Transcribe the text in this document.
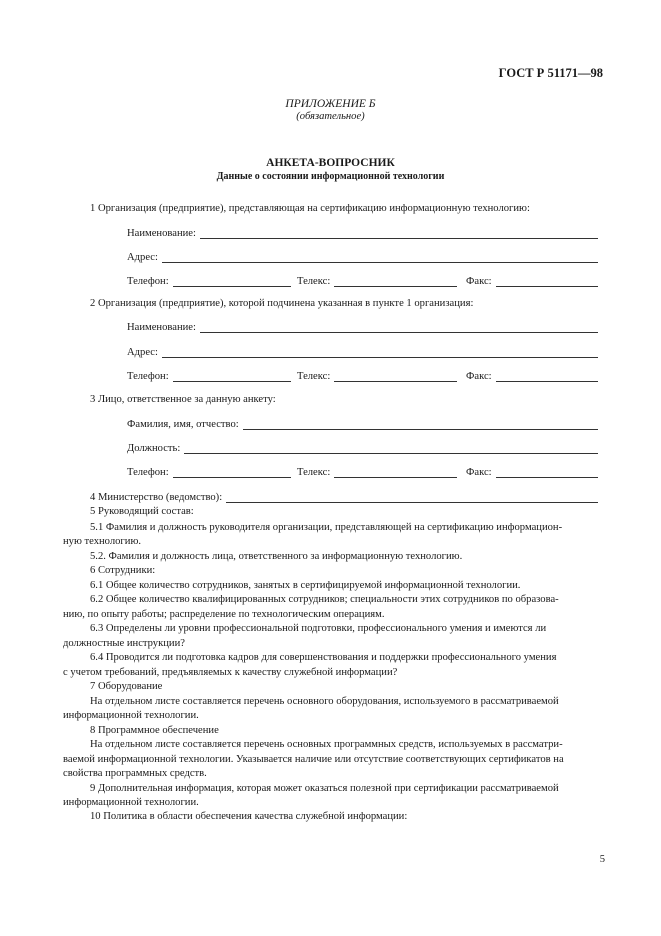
ГОСТ Р 51171—98
ПРИЛОЖЕНИЕ Б
(обязательное)
АНКЕТА-ВОПРОСНИК
Данные о состоянии информационной технологии
1 Организация (предприятие), представляющая на сертификацию информационную технологию:
Наименование:
Адрес:
Телефон:	Телекс:	Факс:
2 Организация (предприятие), которой подчинена указанная в пункте 1 организация:
Наименование:
Адрес:
Телефон:	Телекс:	Факс:
3 Лицо, ответственное за данную анкету:
Фамилия, имя, отчество:
Должность:
Телефон:	Телекс:	Факс:
4 Министерство (ведомство):
5 Руководящий состав:
5.1 Фамилия и должность руководителя организации, представляющей на сертификацию информацион-
ную технологию.
5.2. Фамилия и должность лица, ответственного за информационную технологию.
6 Сотрудники:
6.1 Общее количество сотрудников, занятых в сертифицируемой информационной технологии.
6.2 Общее количество квалифицированных сотрудников; специальности этих сотрудников по образова-
нию, по опыту работы; распределение по технологическим операциям.
6.3 Определены ли уровни профессиональной подготовки, профессионального умения и имеются ли
должностные инструкции?
6.4 Проводится ли подготовка кадров для совершенствования и поддержки профессионального умения
с учетом требований, предъявляемых к качеству служебной информации?
7 Оборудование
На отдельном листе составляется перечень основного оборудования, используемого в рассматриваемой
информационной технологии.
8 Программное обеспечение
На отдельном листе составляется перечень основных программных средств, используемых в рассматри-
ваемой информационной технологии. Указывается наличие или отсутствие соответствующих сертификатов на
свойства программных средств.
9 Дополнительная информация, которая может оказаться полезной при сертификации рассматриваемой
информационной технологии.
10 Политика в области обеспечения качества служебной информации:
5
